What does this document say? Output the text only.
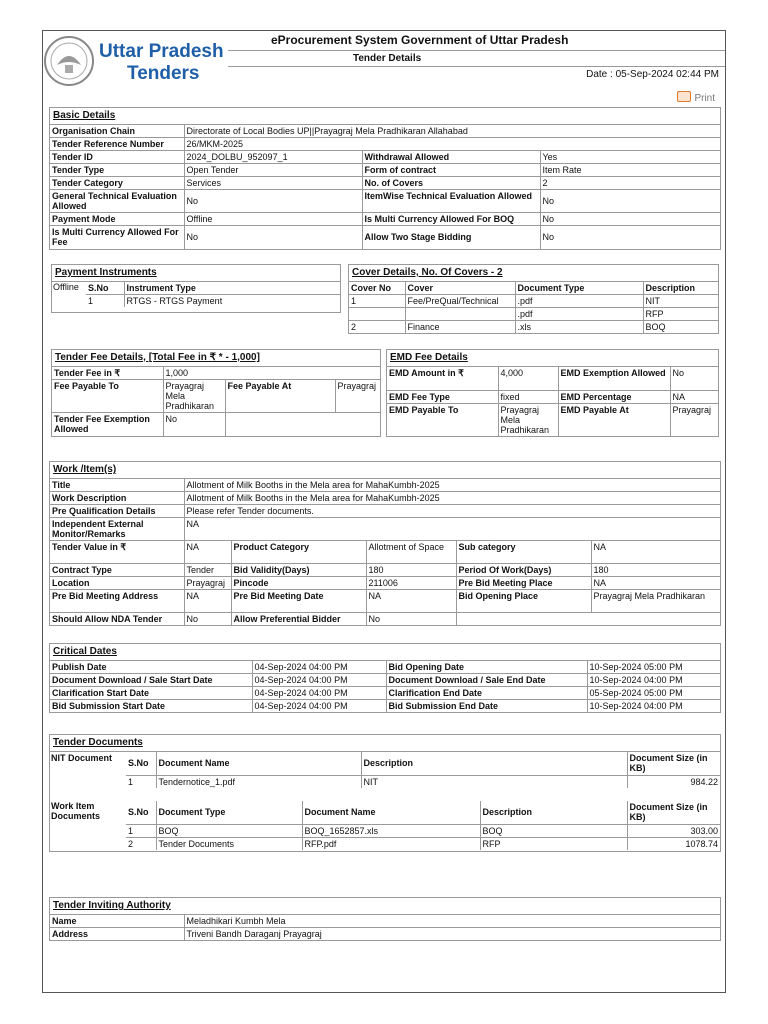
Uttar Pradesh
Tenders
eProcurement System Government of Uttar Pradesh
Tender Details
Date : 05-Sep-2024 02:44 PM
Print
Basic Details
Organisation Chain	Directorate of Local Bodies UP||Prayagraj Mela Pradhikaran Allahabad		
Tender Reference Number	26/MKM-2025		
Tender ID	2024_DOLBU_952097_1	Withdrawal Allowed	Yes
Tender Type	Open Tender	Form of contract	Item Rate
Tender Category	Services	No. of Covers	2
General Technical Evaluation Allowed	No	ItemWise Technical Evaluation Allowed	No
Payment Mode	Offline	Is Multi Currency Allowed For BOQ	No
Is Multi Currency Allowed For Fee	No	Allow Two Stage Bidding	No
Payment Instruments
Offline	S.No	Instrument Type
1	RTGS - RTGS Payment
Cover Details, No. Of Covers - 2
Cover No	Cover	Document Type	Description
1	Fee/PreQual/Technical	.pdf	NIT
		.pdf	RFP
2	Finance	.xls	BOQ
Tender Fee Details, [Total Fee in ₹ * - 1,000]
Tender Fee in ₹	1,000		
Fee Payable To	Prayagraj Mela Pradhikaran	Fee Payable At	Prayagraj
Tender Fee Exemption Allowed	No		
EMD Fee Details
EMD Amount in ₹	4,000	EMD Exemption Allowed	No
EMD Fee Type	fixed	EMD Percentage	NA
EMD Payable To	Prayagraj Mela Pradhikaran	EMD Payable At	Prayagraj
Work /Item(s)
Title	Allotment of Milk Booths in the Mela area for MahaKumbh-2025				
Work Description	Allotment of Milk Booths in the Mela area for MahaKumbh-2025				
Pre Qualification Details	Please refer Tender documents.				
Independent External Monitor/Remarks	NA				
Tender Value in ₹	NA	Product Category	Allotment of Space	Sub category	NA
Contract Type	Tender	Bid Validity(Days)	180	Period Of Work(Days)	180
Location	Prayagraj	Pincode	211006	Pre Bid Meeting Place	NA
Pre Bid Meeting Address	NA	Pre Bid Meeting Date	NA	Bid Opening Place	Prayagraj Mela Pradhikaran
Should Allow NDA Tender	No	Allow Preferential Bidder	No		
Critical Dates
Publish Date	04-Sep-2024 04:00 PM	Bid Opening Date	10-Sep-2024 05:00 PM
Document Download / Sale Start Date	04-Sep-2024 04:00 PM	Document Download / Sale End Date	10-Sep-2024 04:00 PM
Clarification Start Date	04-Sep-2024 04:00 PM	Clarification End Date	05-Sep-2024 05:00 PM
Bid Submission Start Date	04-Sep-2024 04:00 PM	Bid Submission End Date	10-Sep-2024 04:00 PM
Tender Documents
NIT Document
S.No	Document Name	Description	Document Size (in KB)
1	Tendernotice_1.pdf	NIT	984.22
Work Item Documents	S.No	Document Type	Document Name	Description	Document Size (in KB)
1	BOQ	BOQ_1652857.xls	BOQ	303.00
2	Tender Documents	RFP.pdf	RFP	1078.74
Tender Inviting Authority
Name	Meladhikari Kumbh Mela
Address	Triveni Bandh Daraganj Prayagraj
